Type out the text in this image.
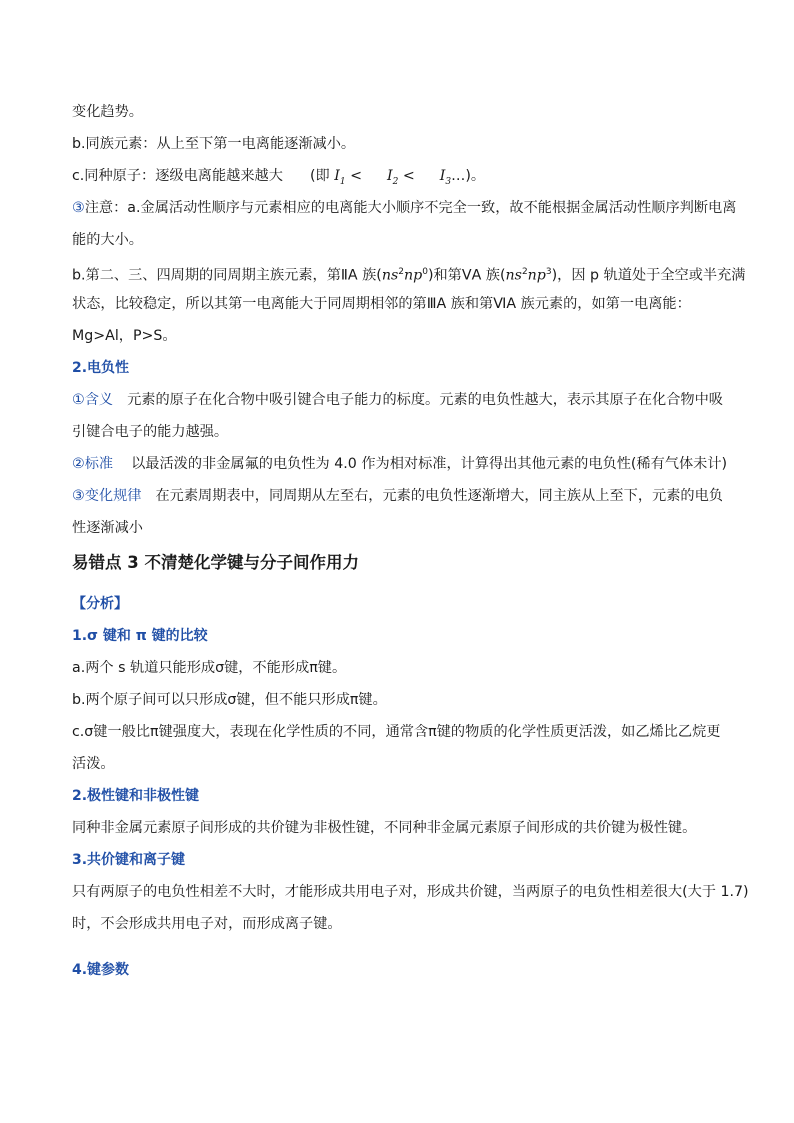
变化趋势。
b.同族元素：从上至下第一电离能逐渐减小。
c.同种原子：逐级电离能越来越大 (即 $I_1 < I_2$ < $I_3\dots$)。
③注意：a.金属活动性顺序与元素相应的电离能大小顺序不完全一致，故不能根据金属活动性顺序判断电离
能的大小。
b.第二、三、四周期的同周期主族元素，第ⅡA 族$(ns^2np^0)$和第ⅤA 族$(ns^2np^3)$，因 p 轨道处于全空或半充满
状态，比较稳定，所以其第一电离能大于同周期相邻的第ⅢA 族和第ⅥA 族元素的，如第一电离能：
Mg>Al，P>S。
2.电负性
①含义 元素的原子在化合物中吸引键合电子能力的标度。元素的电负性越大，表示其原子在化合物中吸
引键合电子的能力越强。
②标准 以最活泼的非金属氟的电负性为 4.0 作为相对标准，计算得出其他元素的电负性(稀有气体未计)
③变化规律 在元素周期表中，同周期从左至右，元素的电负性逐渐增大，同主族从上至下，元素的电负
性逐渐减小
易错点 3 不清楚化学键与分子间作用力
【分析】
1.σ 键和 π 键的比较
a.两个 s 轨道只能形成σ键，不能形成π键。
b.两个原子间可以只形成σ键，但不能只形成π键。
c.σ键一般比π键强度大，表现在化学性质的不同，通常含π键的物质的化学性质更活泼，如乙烯比乙烷更
活泼。
2.极性键和非极性键
同种非金属元素原子间形成的共价键为非极性键，不同种非金属元素原子间形成的共价键为极性键。
3.共价键和离子键
只有两原子的电负性相差不大时，才能形成共用电子对，形成共价键，当两原子的电负性相差很大(大于 1.7)
时，不会形成共用电子对，而形成离子键。
4.键参数
